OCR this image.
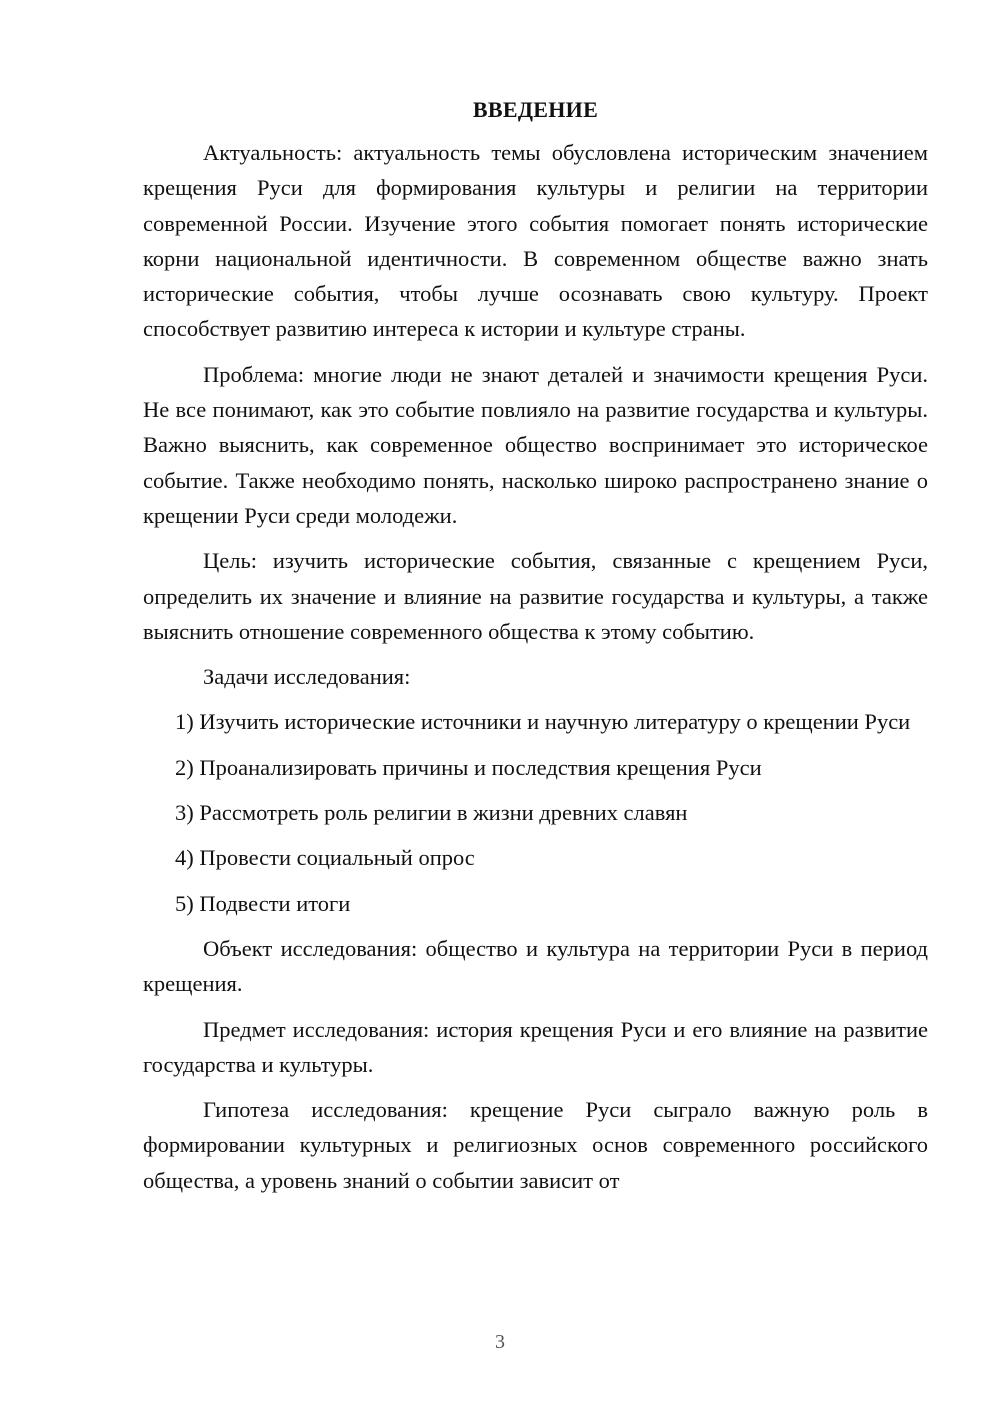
ВВЕДЕНИЕ

Актуальность: актуальность темы обусловлена историческим значением крещения Руси для формирования культуры и религии на территории современной России. Изучение этого события помогает понять исторические корни национальной идентичности. В современном обществе важно знать исторические события, чтобы лучше осознавать свою культуру. Проект способствует развитию интереса к истории и культуре страны.

Проблема: многие люди не знают деталей и значимости крещения Руси. Не все понимают, как это событие повлияло на развитие государства и культуры. Важно выяснить, как современное общество воспринимает это историческое событие. Также необходимо понять, насколько широко распространено знание о крещении Руси среди молодежи.

Цель: изучить исторические события, связанные с крещением Руси, определить их значение и влияние на развитие государства и культуры, а также выяснить отношение современного общества к этому событию.

Задачи исследования:

1) Изучить исторические источники и научную литературу о крещении Руси

2) Проанализировать причины и последствия крещения Руси

3) Рассмотреть роль религии в жизни древних славян

4) Провести социальный опрос

5) Подвести итоги

Объект исследования: общество и культура на территории Руси в период крещения.

Предмет исследования: история крещения Руси и его влияние на развитие государства и культуры.

Гипотеза исследования: крещение Руси сыграло важную роль в формировании культурных и религиозных основ современного российского общества, а уровень знаний о событии зависит от

3
